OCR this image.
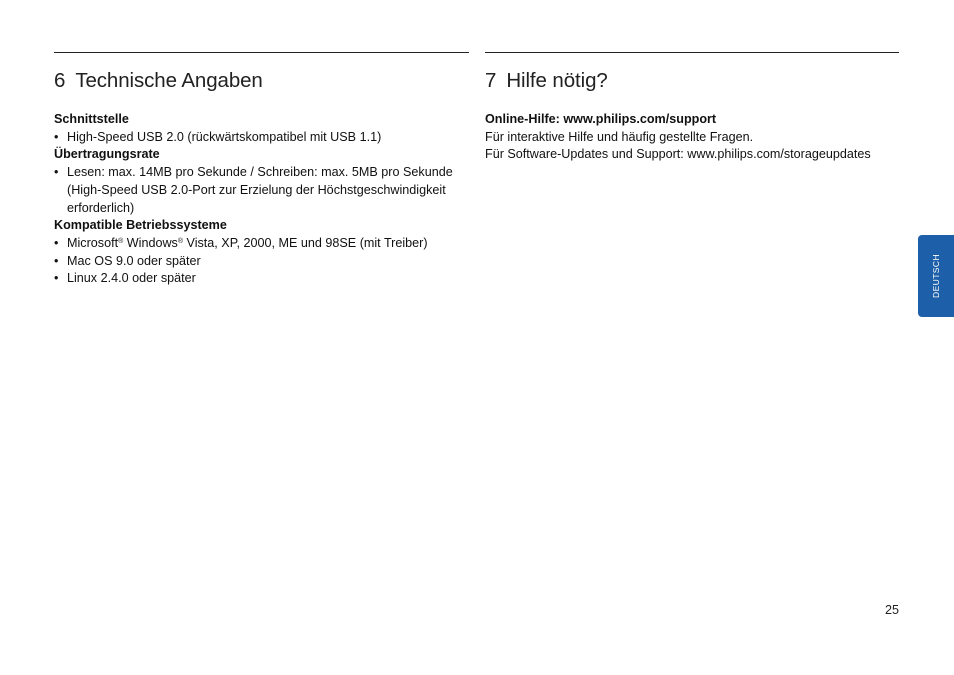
6 Technische Angaben

Schnittstelle

• High-Speed USB 2.0 (rückwärtskompatibel mit USB 1.1)

Übertragungsrate

• Lesen: max. 14MB pro Sekunde / Schreiben: max. 5MB pro Sekunde (High-Speed USB 2.0-Port zur Erzielung der Höchstgeschwindigkeit erforderlich)

Kompatible Betriebssysteme

• Microsoft® Windows® Vista, XP, 2000, ME und 98SE (mit Treiber)
• Mac OS 9.0 oder später
• Linux 2.4.0 oder später
7 Hilfe nötig?

Online-Hilfe: www.philips.com/support

Für interaktive Hilfe und häufig gestellte Fragen.

Für Software-Updates und Support: www.philips.com/storageupdates

DEUTSCH
25
